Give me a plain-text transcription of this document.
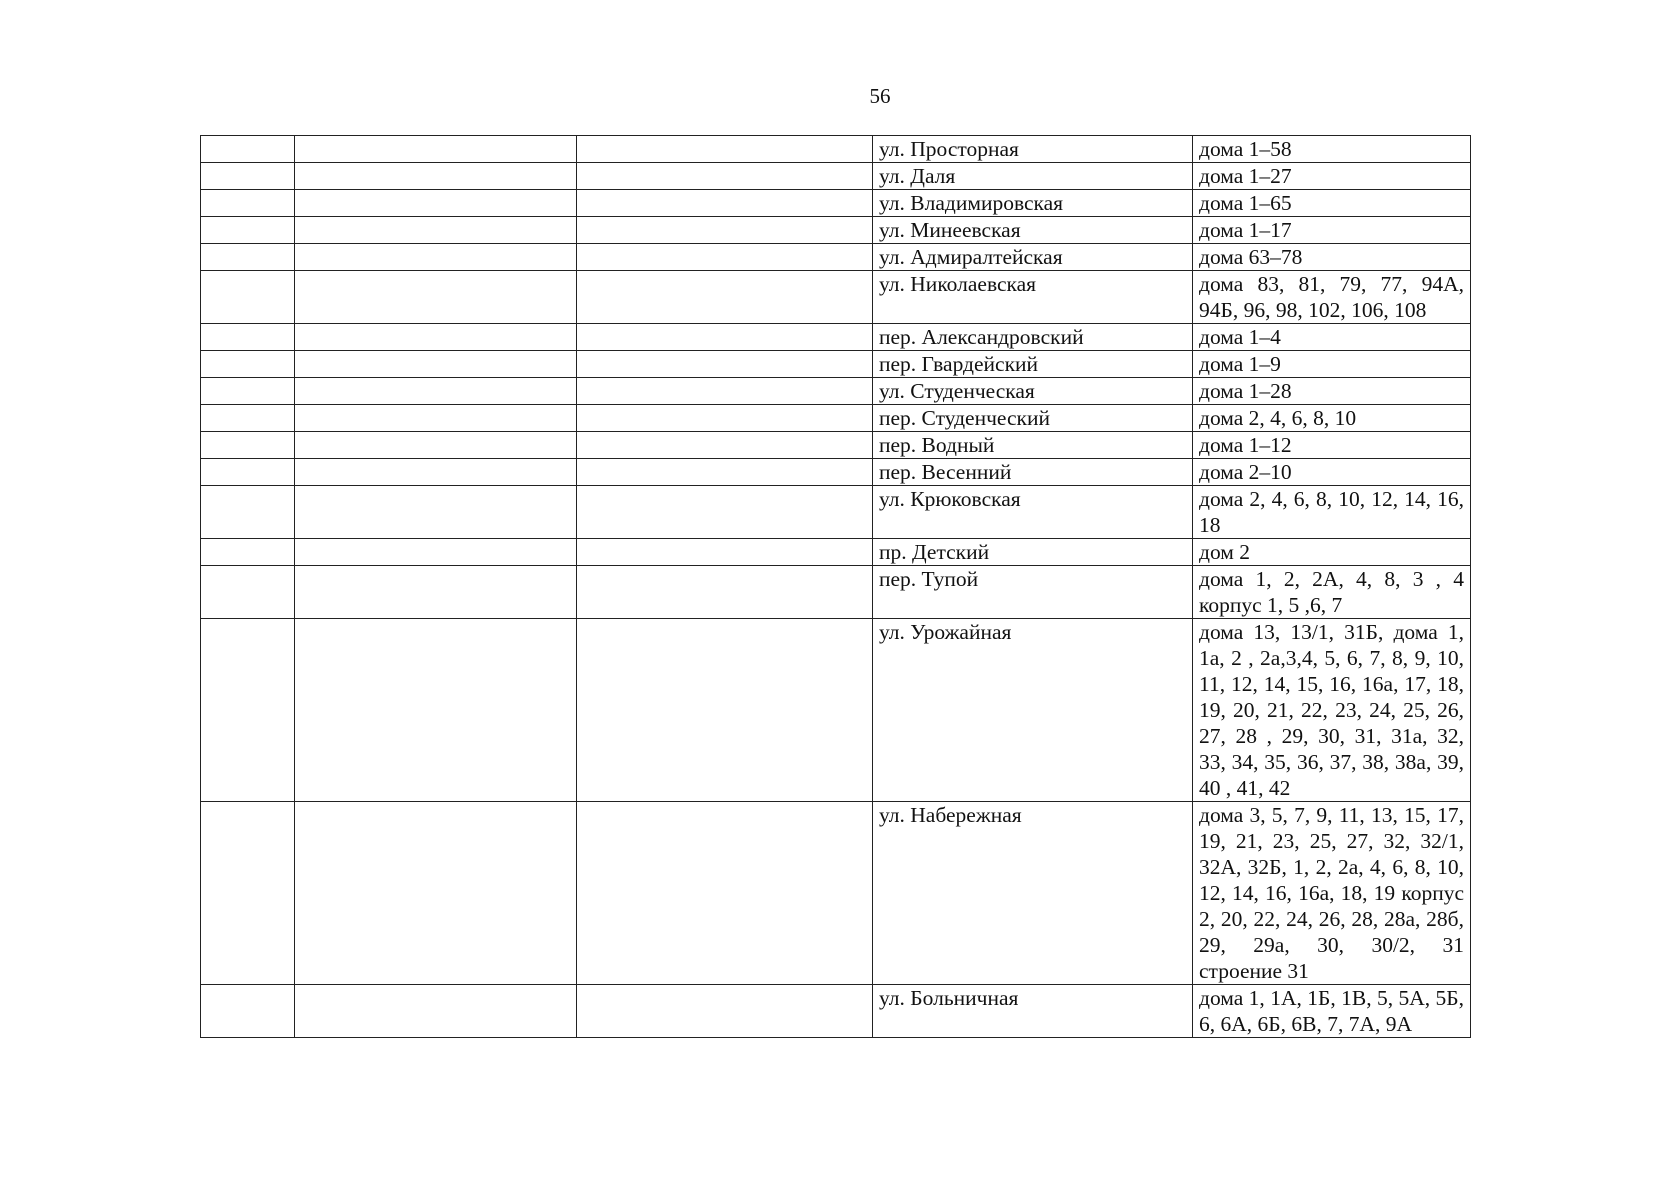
56
			ул. Просторная	дома 1–58
			ул. Даля	дома 1–27
			ул. Владимировская	дома 1–65
			ул. Минеевская	дома 1–17
			ул. Адмиралтейская	дома 63–78
			ул. Николаевская	дома 83, 81, 79, 77, 94А, 94Б, 96, 98, 102, 106, 108
			пер. Александровский	дома 1–4
			пер. Гвардейский	дома 1–9
			ул. Студенческая	дома 1–28
			пер. Студенческий	дома 2, 4, 6, 8, 10
			пер. Водный	дома 1–12
			пер. Весенний	дома 2–10
			ул. Крюковская	дома 2, 4, 6, 8, 10, 12, 14, 16, 18
			пр. Детский	дом 2
			пер. Тупой	дома 1, 2, 2А, 4, 8, 3 , 4 корпус 1, 5 ,6, 7
			ул. Урожайная	дома 13, 13/1, 31Б, дома 1, 1а, 2 , 2а,3,4, 5, 6, 7, 8, 9, 10, 11, 12, 14, 15, 16, 16а, 17, 18, 19, 20, 21, 22, 23, 24, 25, 26, 27, 28 , 29, 30, 31, 31а, 32, 33, 34, 35, 36, 37, 38, 38а, 39, 40 , 41, 42
			ул. Набережная	дома 3, 5, 7, 9, 11, 13, 15, 17, 19, 21, 23, 25, 27, 32, 32/1, 32А, 32Б, 1, 2, 2а, 4, 6, 8, 10, 12, 14, 16, 16а, 18, 19 корпус 2, 20, 22, 24, 26, 28, 28а, 28б, 29, 29а, 30, 30/2, 31 строение 31
			ул. Больничная	дома 1, 1А, 1Б, 1В, 5, 5А, 5Б, 6, 6А, 6Б, 6В, 7, 7А, 9А
